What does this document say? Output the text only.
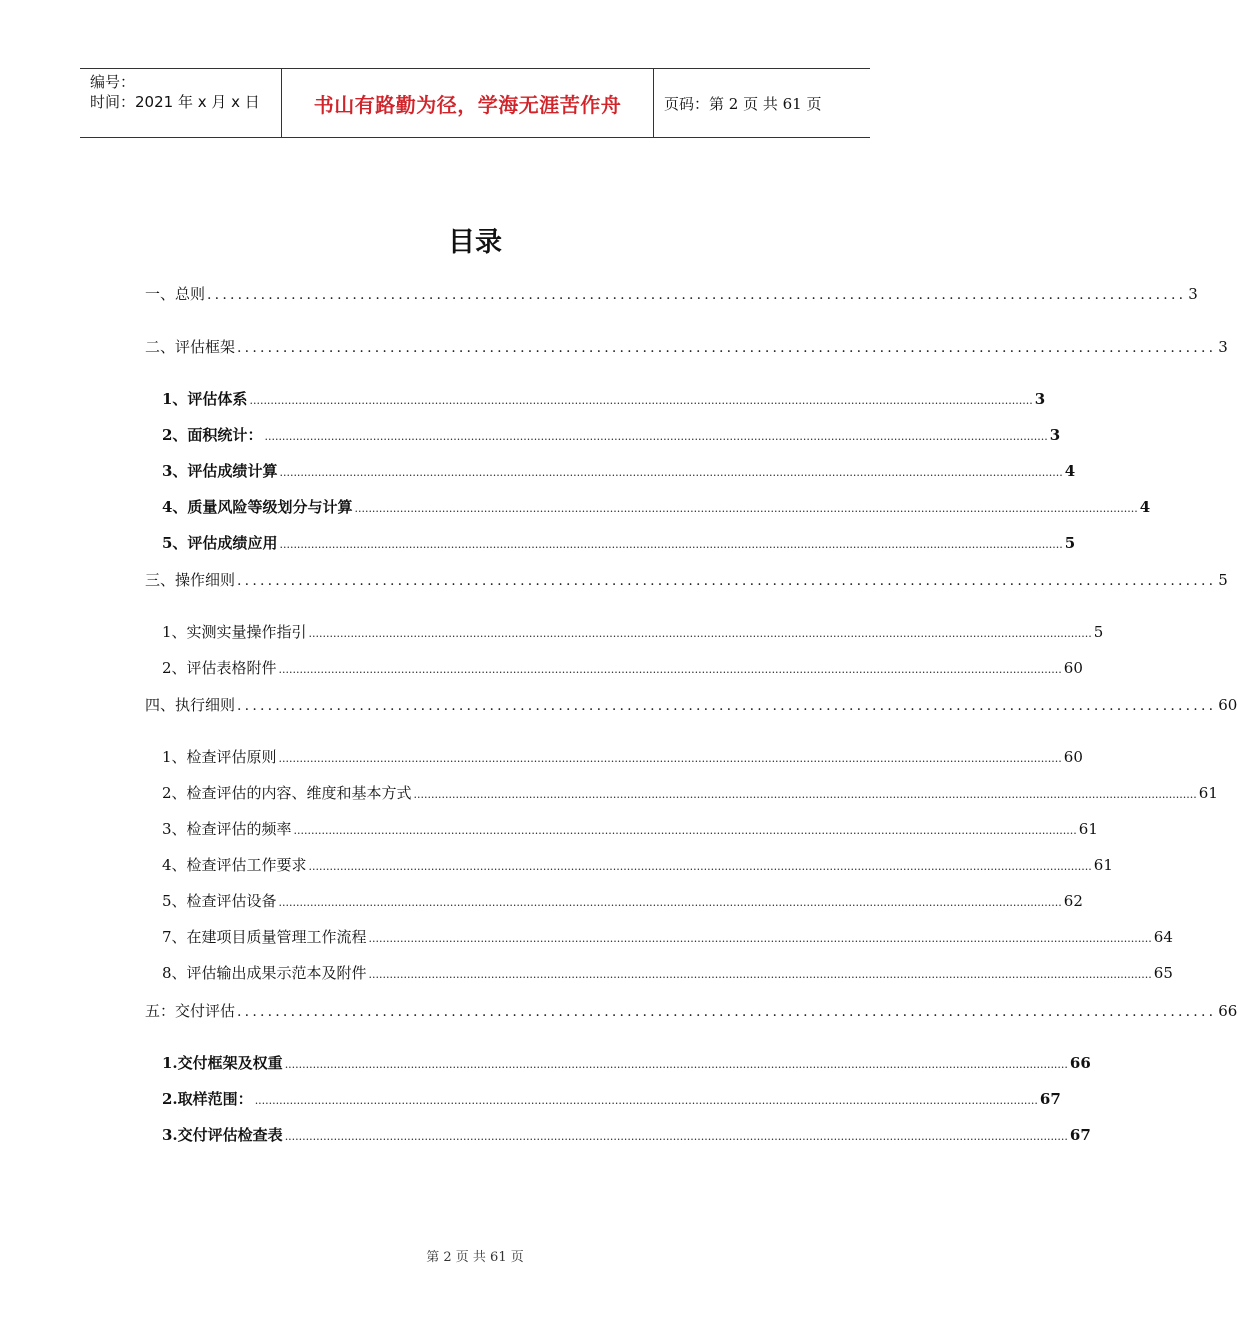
编号：
时间：2021 年 x 月 x 日	书山有路勤为径，学海无涯苦作舟	页码：第 2 页 共 61 页
目录
一、总则 ................................................................................................................................ 3
二、评估框架 ................................................................................................................................ 3
1、评估体系 ................................................................................................................................................................................................................................ 3
2、面积统计： ................................................................................................................................................................................................................................ 3
3、评估成绩计算 ................................................................................................................................................................................................................................ 4
4、质量风险等级划分与计算 ................................................................................................................................................................................................................................ 4
5、评估成绩应用 ................................................................................................................................................................................................................................ 5
三、操作细则 ................................................................................................................................ 5
1、实测实量操作指引 ................................................................................................................................................................................................................................ 5
2、评估表格附件 ................................................................................................................................................................................................................................ 60
四、执行细则 ................................................................................................................................ 60
1、检查评估原则 ................................................................................................................................................................................................................................ 60
2、检查评估的内容、维度和基本方式 ................................................................................................................................................................................................................................ 61
3、检查评估的频率 ................................................................................................................................................................................................................................ 61
4、检查评估工作要求 ................................................................................................................................................................................................................................ 61
5、检查评估设备 ................................................................................................................................................................................................................................ 62
7、在建项目质量管理工作流程 ................................................................................................................................................................................................................................ 64
8、评估输出成果示范本及附件 ................................................................................................................................................................................................................................ 65
五：交付评估 ................................................................................................................................ 66
1. 交付框架及权重 ................................................................................................................................................................................................................................ 66
2. 取样范围： ................................................................................................................................................................................................................................ 67
3. 交付评估检查表 ................................................................................................................................................................................................................................ 67
第 2 页 共 61 页
